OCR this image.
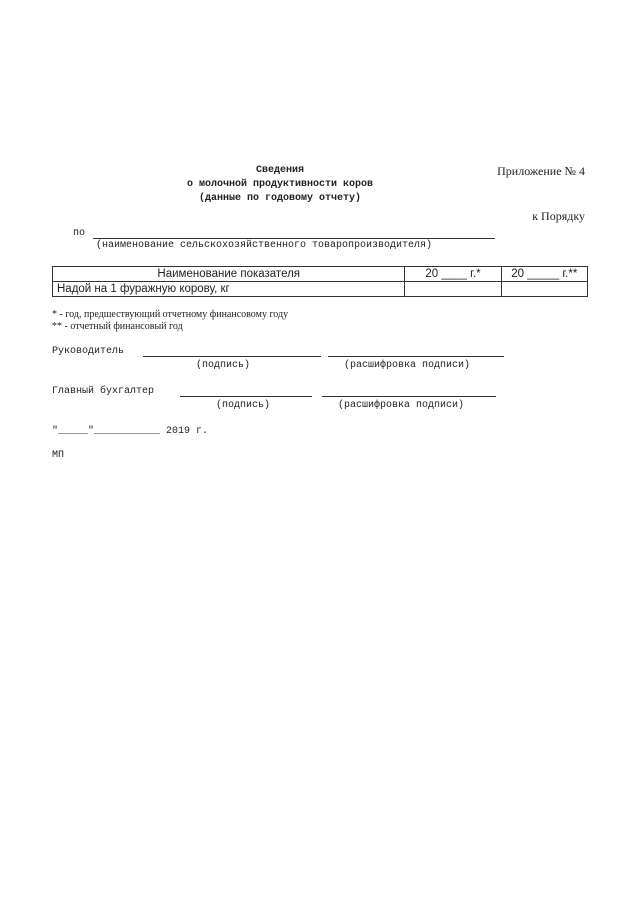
Приложение № 4

к Порядку

Сведения
о молочной продуктивности коров
(данные по годовому отчету)
по
(наименование сельскохозяйственного товаропроизводителя)
Наименование показателя	20 ____ г.*	20 _____ г.**
Надой на 1 фуражную корову, кг		
* - год, предшествующий отчетному финансовому году
** - отчетный финансовый год
Руководитель
(подпись)	(расшифровка подписи)
Главный бухгалтер
(подпись)	(расшифровка подписи)
"_____"___________ 2019 г.
МП
